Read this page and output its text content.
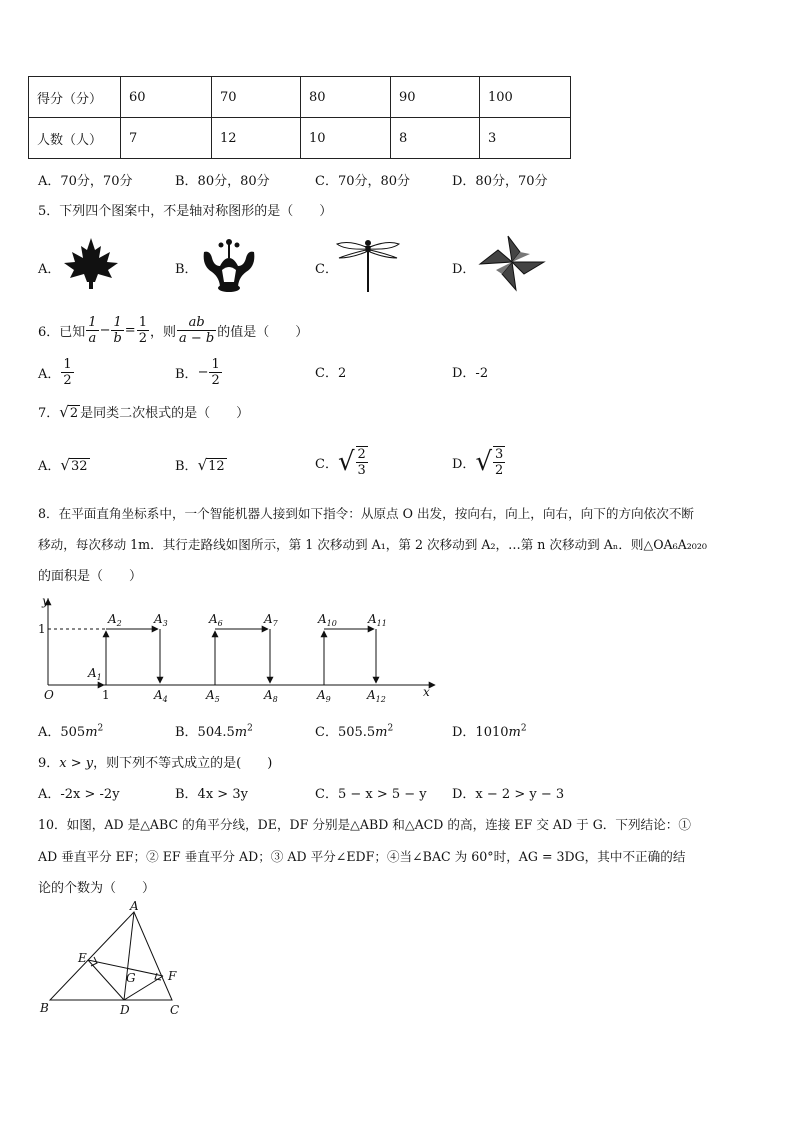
得分（分）	60	70	80	90	100
人数（人）	7	12	10	8	3
A．70分，70分	B．80分，80分	C．70分，80分	D．80分，70分
5．下列四个图案中，不是轴对称图形的是（　　）
A．	B．	C．	D．
6．已知 $\frac{1}{a} - \frac{1}{b} = \frac{1}{2}$ ，则 $\frac{ab}{a - b}$ 的值是（　　）
A． $\frac{1}{2}$	B． − $\frac{1}{2}$	C．2	D．-2
7．√2 是同类二次根式的是（　　）
A．√32	B．√12	C． √ $\frac{2}{3}$	D． √ $\frac{3}{2}$
8．在平面直角坐标系中，一个智能机器人接到如下指令：从原点 O 出发，按向右，向上，向右，向下的方向依次不断
移动，每次移动 1m．其行走路线如图所示，第 1 次移动到 A₁，第 2 次移动到 A₂，…第 n 次移动到 Aₙ．则△OA₆A₂₀₂₀
的面积是（　　）
y
x
O	1
1
$A_1$
$A_2$	$A_3$
$A_4$	$A_5$
$A_6$	$A_7$
$A_8$	$A_9$
$A_{10}$	$A_{11}$
$A_{12}$
A．$505m^2$	B．$504.5m^2$	C．$505.5m^2$	D．$1010m^2$
9．x > y，则下列不等式成立的是(　　)
A．-2x > -2y	B．4x > 3y	C．5 − x > 5 − y D．x − 2 > y − 3
10．如图，AD 是△ABC 的角平分线，DE，DF 分别是△ABD 和△ACD 的高，连接 EF 交 AD 于 G．下列结论：①
AD 垂直平分 EF；② EF 垂直平分 AD；③ AD 平分∠EDF；④当∠BAC 为 60°时，AG = 3DG，其中不正确的结
论的个数为（　　）
A
B	C
D
E
F
G
